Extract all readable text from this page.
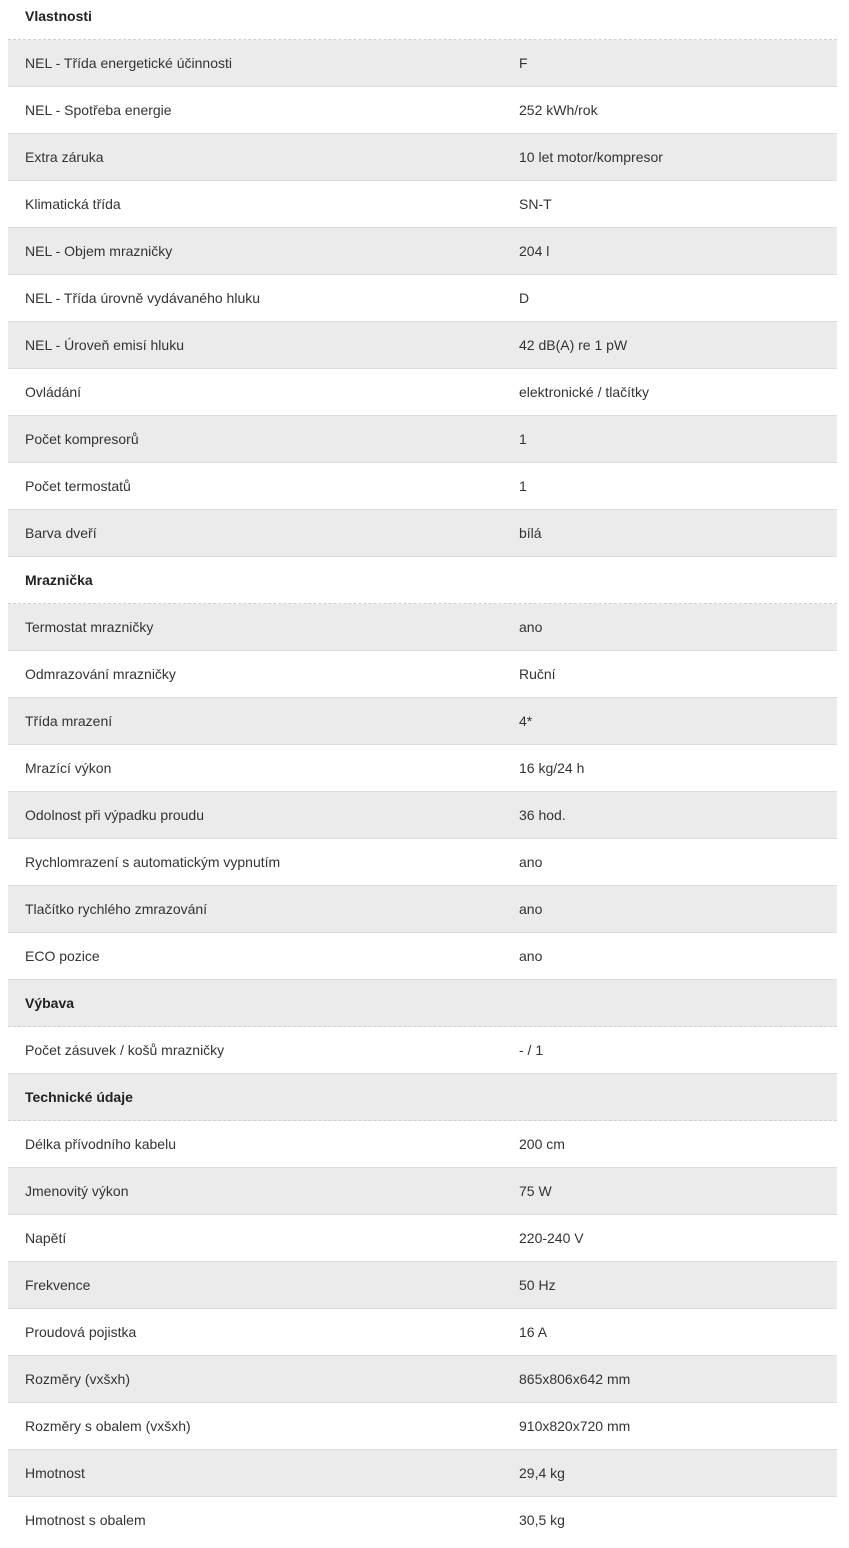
Vlastnosti
NEL - Třída energetické účinnosti	F
NEL - Spotřeba energie	252 kWh/rok
Extra záruka	10 let motor/kompresor
Klimatická třída	SN-T
NEL - Objem mrazničky	204 l
NEL - Třída úrovně vydávaného hluku	D
NEL - Úroveň emisí hluku	42 dB(A) re 1 pW
Ovládání	elektronické / tlačítky
Počet kompresorů	1
Počet termostatů	1
Barva dveří	bílá
Mraznička
Termostat mrazničky	ano
Odmrazování mrazničky	Ruční
Třída mrazení	4*
Mrazící výkon	16 kg/24 h
Odolnost při výpadku proudu	36 hod.
Rychlomrazení s automatickým vypnutím	ano
Tlačítko rychlého zmrazování	ano
ECO pozice	ano
Výbava
Počet zásuvek / košů mrazničky	- / 1
Technické údaje
Délka přívodního kabelu	200 cm
Jmenovitý výkon	75 W
Napětí	220-240 V
Frekvence	50 Hz
Proudová pojistka	16 A
Rozměry (vxšxh)	865x806x642 mm
Rozměry s obalem (vxšxh)	910x820x720 mm
Hmotnost	29,4 kg
Hmotnost s obalem	30,5 kg
